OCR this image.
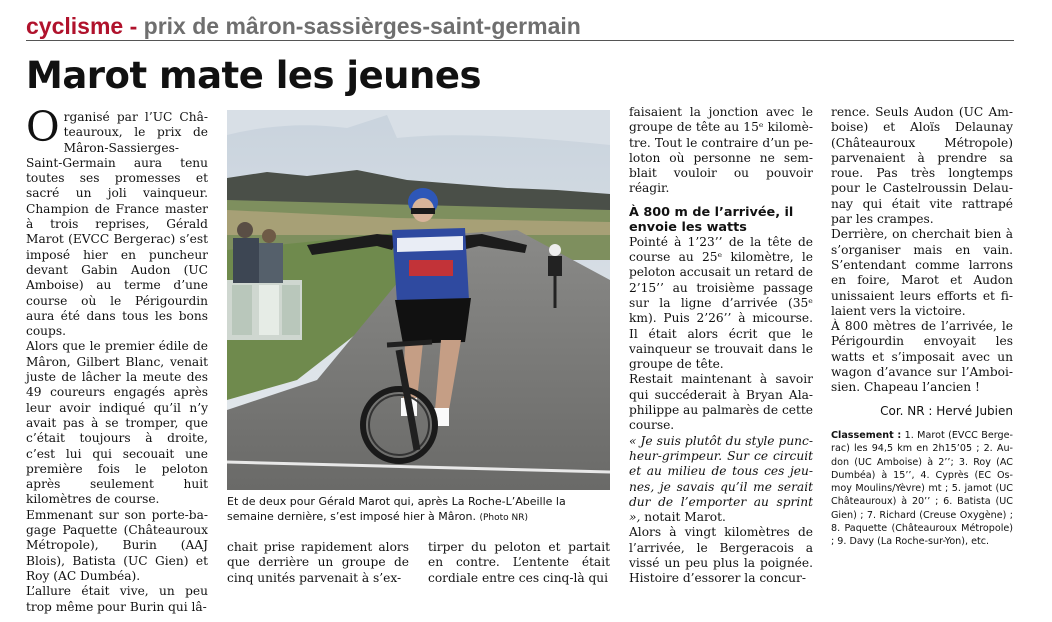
cyclisme - prix de mâron-sassièrges-saint-germain
Marot mate les jeunes

Organisé par l’UC Châteauroux, le prix de Mâron-Sassierges-Saint-Germain aura tenu toutes ses promesses et sacré un joli vainqueur. Champion de France master à trois reprises, Gérald Marot (EVCC Bergerac) s’est imposé hier en puncheur devant Gabin Audon (UC Amboise) au terme d’une course où le Périgourdin aura été dans tous les bons coups.

Alors que le premier édile de Mâron, Gilbert Blanc, venait juste de lâcher la meute des 49 coureurs engagés après leur avoir indiqué qu’il n’y avait pas à se tromper, que c’était toujours à droite, c’est lui qui secouait une première fois le peloton après seulement huit kilomètres de course.

Emmenant sur son porte-bagage Paquette (Châteauroux Métropole), Burin (AAJ Blois), Batista (UC Gien) et Roy (AC Dumbéa).

L’allure était vive, un peu trop même pour Burin qui lâ-

Et de deux pour Gérald Marot qui, après La Roche-L’Abeille la semaine dernière, s’est imposé hier à Mâron. (Photo NR)

chait prise rapidement alors que derrière un groupe de cinq unités parvenait à s’ex-

tirper du peloton et partait en contre. L’entente était cordiale entre ces cinq-là qui

faisaient la jonction avec le groupe de tête au 15ᵉ kilomètre. Tout le contraire d’un peloton où personne ne semblait vouloir ou pouvoir réagir.

À 800 m de l’arrivée, il envoie les watts

Pointé à 1’23’’ de la tête de course au 25ᵉ kilomètre, le peloton accusait un retard de 2’15’’ au troisième passage sur la ligne d’arrivée (35ᵉ km). Puis 2’26’’ à micourse. Il était alors écrit que le vainqueur se trouvait dans le groupe de tête.

Restait maintenant à savoir qui succéderait à Bryan Alaphilippe au palmarès de cette course.

« Je suis plutôt du style puncheur-grimpeur. Sur ce circuit et au milieu de tous ces jeunes, je savais qu’il me serait dur de l’emporter au sprint », notait Marot.

Alors à vingt kilomètres de l’arrivée, le Bergeracois a vissé un peu plus la poignée. Histoire d’essorer la concur-

rence. Seuls Audon (UC Amboise) et Aloïs Delaunay (Châteauroux Métropole) parvenaient à prendre sa roue. Pas très longtemps pour le Castelroussin Delaunay qui était vite rattrapé par les crampes.

Derrière, on cherchait bien à s’organiser mais en vain. S’entendant comme larrons en foire, Marot et Audon unissaient leurs efforts et filaient vers la victoire.

À 800 mètres de l’arrivée, le Périgourdin envoyait les watts et s’imposait avec un wagon d’avance sur l’Amboisien. Chapeau l’ancien !

Cor. NR : Hervé Jubien

Classement : 1. Marot (EVCC Bergerac) les 94,5 km en 2h15’05 ; 2. Audon (UC Amboise) à 2’’; 3. Roy (AC Dumbéa) à 15’’, 4. Cyprès (EC Osmoy Moulins/Yèvre) mt ; 5. jamot (UC Châteauroux) à 20’’ ; 6. Batista (UC Gien) ; 7. Richard (Creuse Oxygène) ; 8. Paquette (Châteauroux Métropole) ; 9. Davy (La Roche-sur-Yon), etc.
